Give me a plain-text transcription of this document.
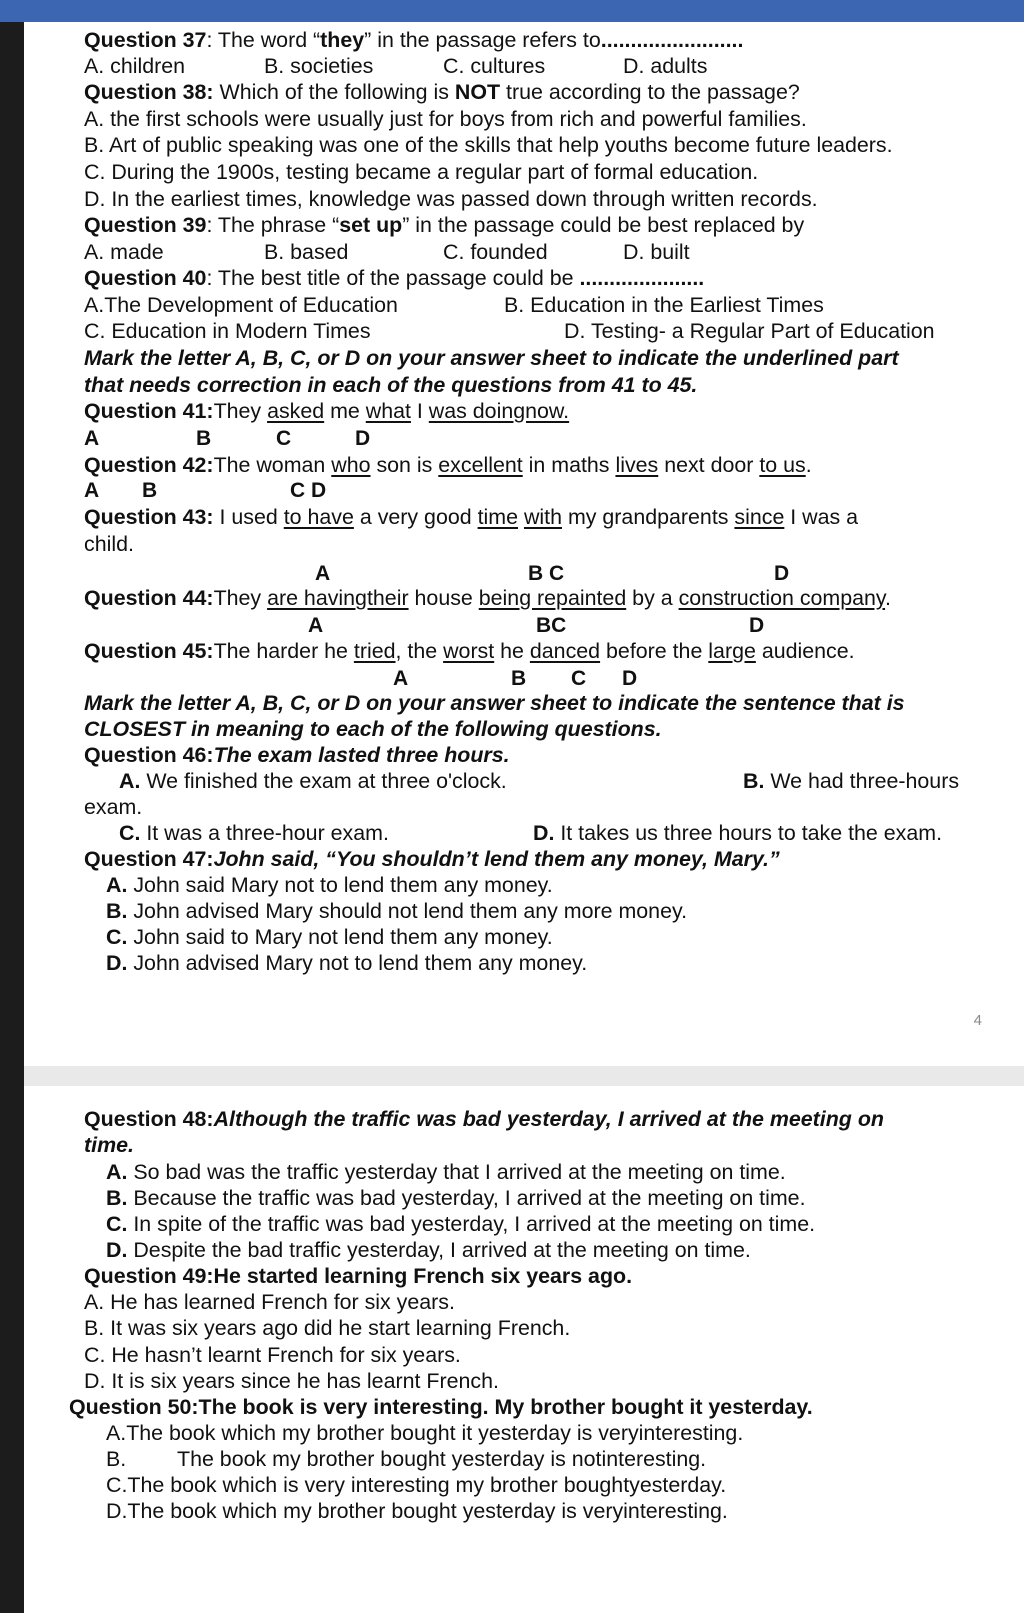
Question 37: The word “they” in the passage refers to........................
A. children	B. societies	C. cultures	D. adults
Question 38: Which of the following is NOT true according to the passage?
A. the first schools were usually just for boys from rich and powerful families.
B. Art of public speaking was one of the skills that help youths become future leaders.
C. During the 1900s, testing became a regular part of formal education.
D. In the earliest times, knowledge was passed down through written records.
Question 39: The phrase “set up” in the passage could be best replaced by
A. made	B. based	C. founded	D. built
Question 40: The best title of the passage could be .....................
A.The Development of Education	B. Education in the Earliest Times
C. Education in Modern Times	D. Testing- a Regular Part of Education
Mark the letter A, B, C, or D on your answer sheet to indicate the underlined part
that needs correction in each of the questions from 41 to 45.
Question 41:They asked me what I was doingnow.
A	B	C	D
Question 42:The woman who son is excellent in maths lives next door to us.
A B	C D
Question 43: I used to have a very good time with my grandparents since I was a
child.
A	B C	D
Question 44:They are havingtheir house being repainted by a construction company.
A	BC	D
Question 45:The harder he tried, the worst he danced before the large audience.
A	B C D
Mark the letter A, B, C, or D on your answer sheet to indicate the sentence that is
CLOSEST in meaning to each of the following questions.
Question 46:The exam lasted three hours.
A. We finished the exam at three o'clock.	B. We had three-hours
exam.
C. It was a three-hour exam.	D. It takes us three hours to take the exam.
Question 47:John said, “You shouldn’t lend them any money, Mary.”
A. John said Mary not to lend them any money.
B. John advised Mary should not lend them any more money.
C. John said to Mary not lend them any money.
D. John advised Mary not to lend them any money.
4
Question 48:Although the traffic was bad yesterday, I arrived at the meeting on
time.
A. So bad was the traffic yesterday that I arrived at the meeting on time.
B. Because the traffic was bad yesterday, I arrived at the meeting on time.
C. In spite of the traffic was bad yesterday, I arrived at the meeting on time.
D. Despite the bad traffic yesterday, I arrived at the meeting on time.
Question 49:He started learning French six years ago.
A. He has learned French for six years.
B. It was six years ago did he start learning French.
C. He hasn’t learnt French for six years.
D. It is six years since he has learnt French.
Question 50:The book is very interesting. My brother bought it yesterday.
A.The book which my brother bought it yesterday is veryinteresting.
B. The book my brother bought yesterday is notinteresting.
C.The book which is very interesting my brother boughtyesterday.
D.The book which my brother bought yesterday is veryinteresting.
